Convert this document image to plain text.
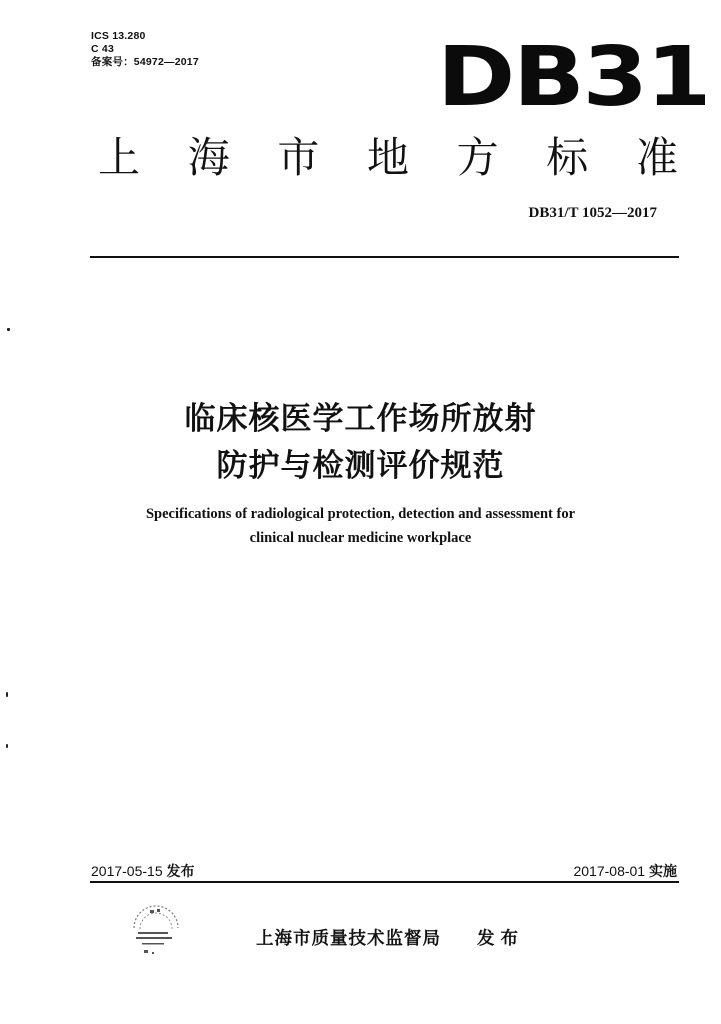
ICS 13.280
C 43
备案号：54972—2017	DB31
上 海 市 地 方 标 准
DB31/T 1052—2017
临床核医学工作场所放射
防护与检测评价规范
Specifications of radiological protection, detection and assessment for
clinical nuclear medicine workplace
2017-05-15 发布	2017-08-01 实施
上海市质量技术监督局 发布
